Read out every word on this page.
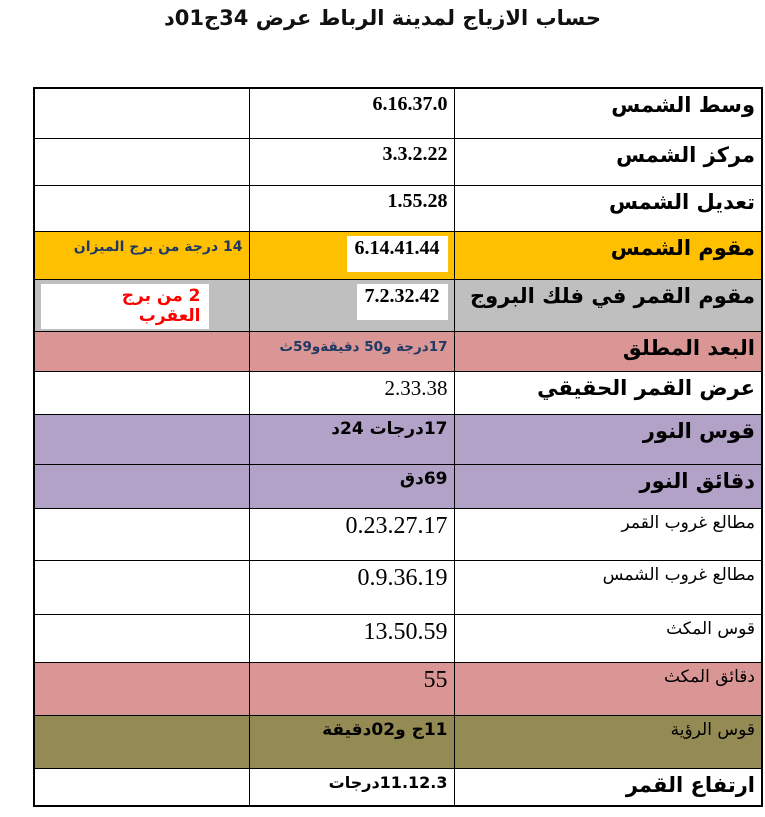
حساب الازياج لمدينة الرباط عرض 34ج01د
وسط الشمس	6.16.37.0	
مركز الشمس	3.3.2.22	
تعديل الشمس	1.55.28	
مقوم الشمس	6.14.41.44	14 درجة من برج الميزان
مقوم القمر في فلك البروج	7.2.32.42	2 من برج   العقرب
البعد المطلق	17درجة و50 دقيقةو59ث	
عرض القمر الحقيقي	2.33.38	
قوس النور	17درجات 24د	
دقائق النور	69دق	
مطالع غروب القمر	0.23.27.17	
مطالع غروب الشمس	0.9.36.19	
قوس المكث	13.50.59	
دقائق المكث	55	
قوس الرؤية	11ج و02دقيقة	
ارتفاع القمر	11.12.3درجات	
